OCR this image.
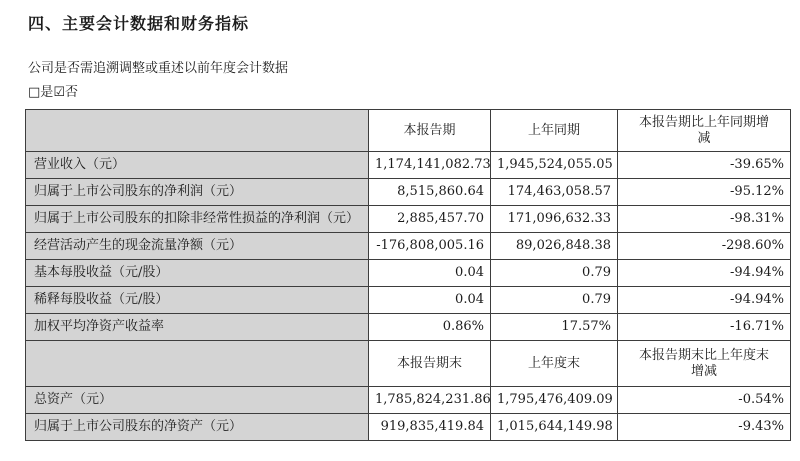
四、主要会计数据和财务指标
公司是否需追溯调整或重述以前年度会计数据
□是☑否
	本报告期	上年同期	本报告期比上年同期增减

营业收入（元）	1,174,141,082.73	1,945,524,055.05	-39.65%
归属于上市公司股东的净利润（元）	8,515,860.64	174,463,058.57	-95.12%
归属于上市公司股东的扣除非经常性损益的净利润（元）	2,885,457.70	171,096,632.33	-98.31%
经营活动产生的现金流量净额（元）	-176,808,005.16	89,026,848.38	-298.60%
基本每股收益（元/股）	0.04	0.79	-94.94%
稀释每股收益（元/股）	0.04	0.79	-94.94%
加权平均净资产收益率	0.86%	17.57%	-16.71%
	本报告期末	上年度末	本报告期末比上年度末增减

总资产（元）	1,785,824,231.86	1,795,476,409.09	-0.54%
归属于上市公司股东的净资产（元）	919,835,419.84	1,015,644,149.98	-9.43%
